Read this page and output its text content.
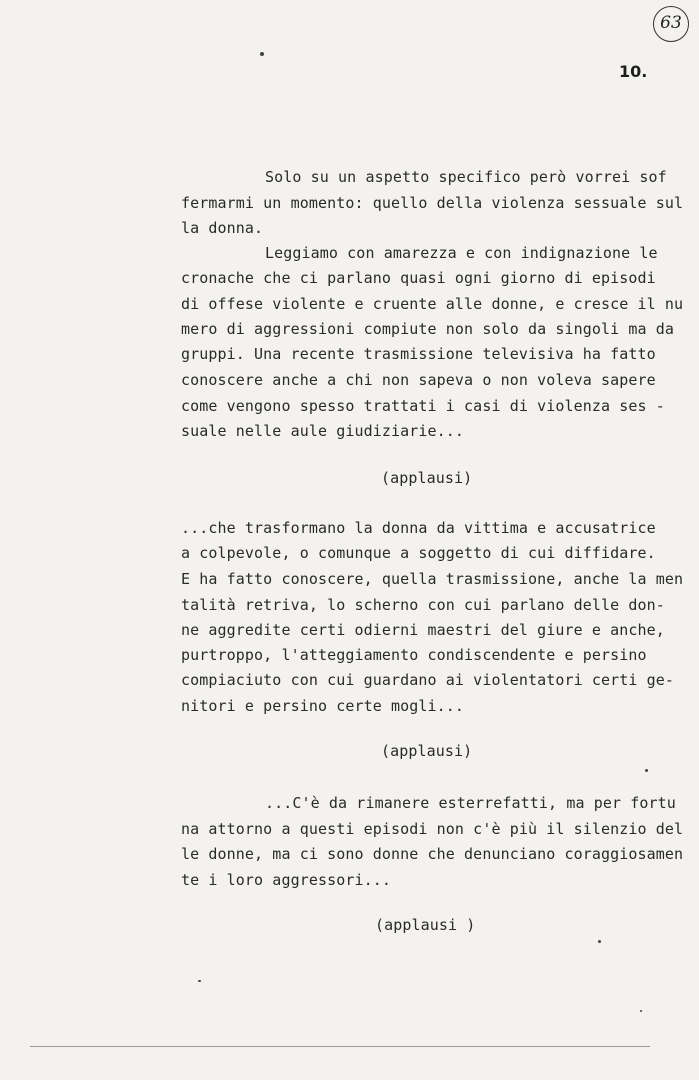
63
10.
Solo su un aspetto specifico però vorrei sof
fermarmi un momento: quello della violenza sessuale sul
la donna.
Leggiamo con amarezza e con indignazione le
cronache che ci parlano quasi ogni giorno di episodi
di offese violente e cruente alle donne, e cresce il nu
mero di aggressioni compiute non solo da singoli ma da
gruppi. Una recente trasmissione televisiva ha fatto
conoscere anche a chi non sapeva o non voleva sapere
come vengono spesso trattati i casi di violenza ses -
suale nelle aule giudiziarie...
(applausi)
...che trasformano la donna da vittima e accusatrice
a colpevole, o comunque a soggetto di cui diffidare.
E ha fatto conoscere, quella trasmissione, anche la men
talità retriva, lo scherno con cui parlano delle don-
ne aggredite certi odierni maestri del giure e anche,
purtroppo, l'atteggiamento condiscendente e persino
compiaciuto con cui guardano ai violentatori certi ge-
nitori e persino certe mogli...
(applausi)
...C'è da rimanere esterrefatti, ma per fortu
na attorno a questi episodi non c'è più il silenzio del
le donne, ma ci sono donne che denunciano coraggiosamen
te i loro aggressori...
(applausi )
